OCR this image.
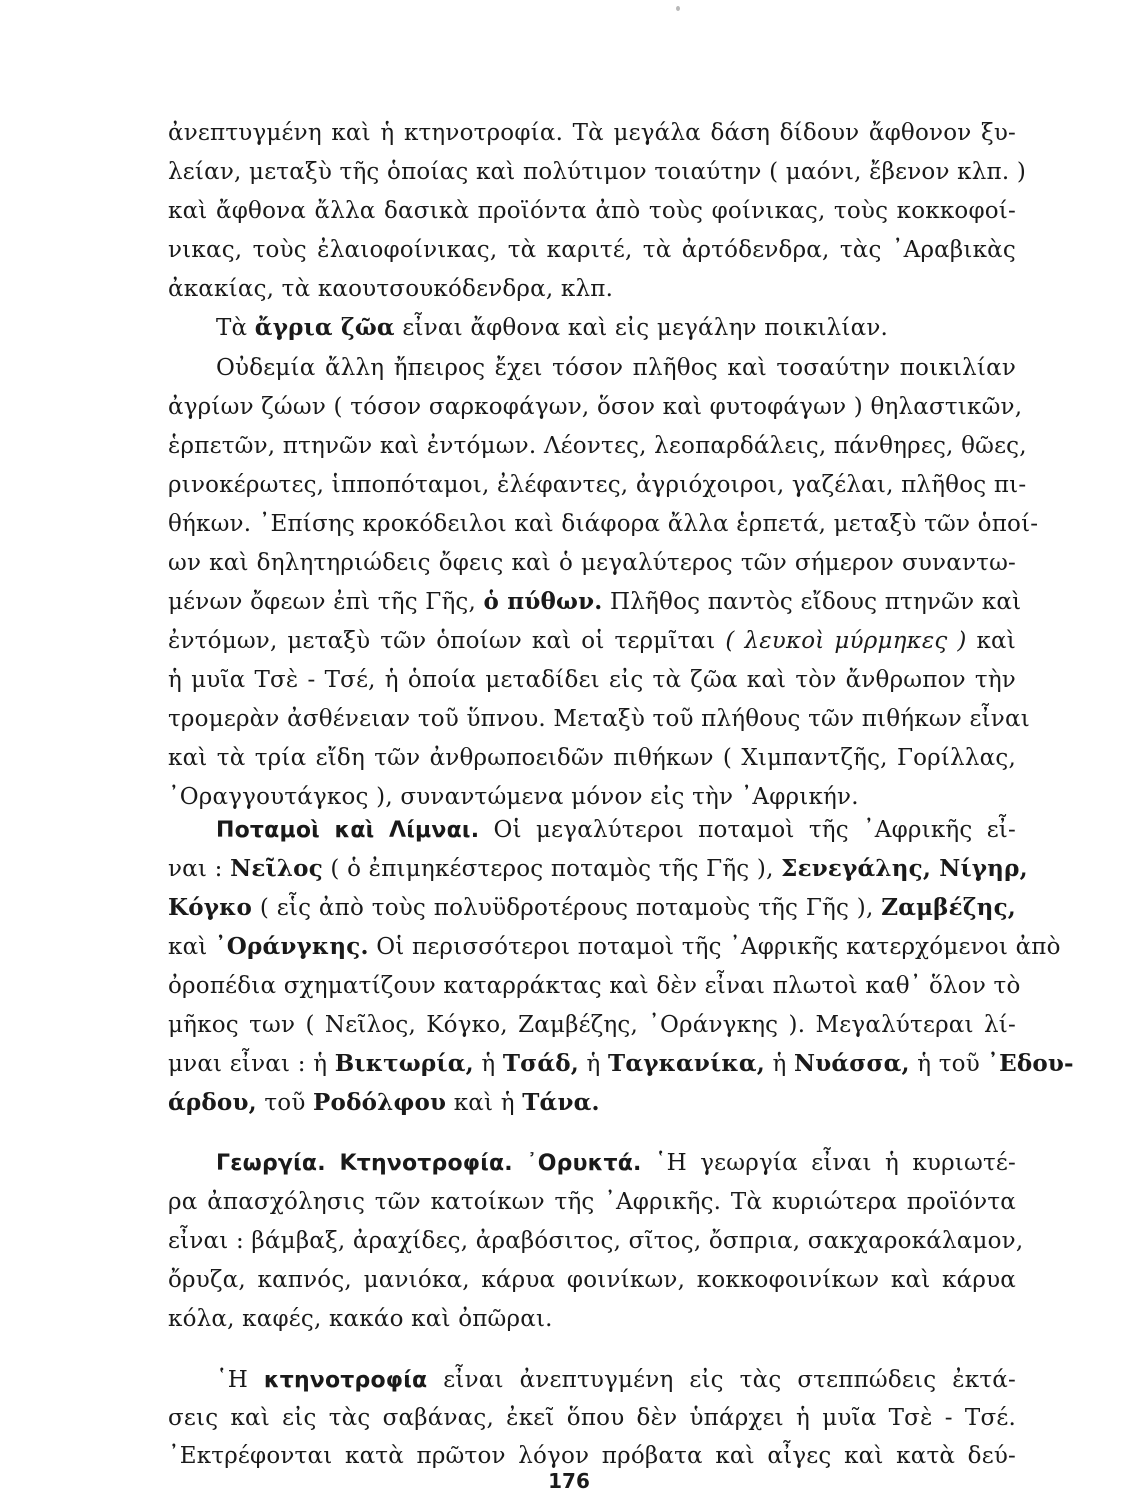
ἀνεπτυγμένη καὶ ἡ κτηνοτροφία. Τὰ μεγάλα δάση δίδουν ἄφθονον ξυ-
λείαν, μεταξὺ τῆς ὁποίας καὶ πολύτιμον τοιαύτην ( μαόνι, ἔβενον κλπ. )
καὶ ἄφθονα ἄλλα δασικὰ προϊόντα ἀπὸ τοὺς φοίνικας, τοὺς κοκκοφοί-
νικας, τοὺς ἐλαιοφοίνικας, τὰ καριτέ, τὰ ἀρτόδενδρα, τὰς ᾿Αραβικὰς
ἀκακίας, τὰ καουτσουκόδενδρα, κλπ.
Τὰ ἄγρια ζῶα εἶναι ἄφθονα καὶ εἰς μεγάλην ποικιλίαν.
Οὐδεμία ἄλλη ἤπειρος ἔχει τόσον πλῆθος καὶ τοσαύτην ποικιλίαν
ἀγρίων ζώων ( τόσον σαρκοφάγων, ὅσον καὶ φυτοφάγων ) θηλαστικῶν,
ἑρπετῶν, πτηνῶν καὶ ἐντόμων. Λέοντες, λεοπαρδάλεις, πάνθηρες, θῶες,
ρινοκέρωτες, ἱπποπόταμοι, ἐλέφαντες, ἀγριόχοιροι, γαζέλαι, πλῆθος πι-
θήκων. ᾿Επίσης κροκόδειλοι καὶ διάφορα ἄλλα ἑρπετά, μεταξὺ τῶν ὁποί-
ων καὶ δηλητηριώδεις ὄφεις καὶ ὁ μεγαλύτερος τῶν σήμερον συναντω-
μένων ὄφεων ἐπὶ τῆς Γῆς, ὁ πύθων. Πλῆθος παντὸς εἴδους πτηνῶν καὶ
ἐντόμων, μεταξὺ τῶν ὁποίων καὶ οἱ τερμῖται ( λευκοὶ μύρμηκες ) καὶ
ἡ μυῖα Τσὲ - Τσέ, ἡ ὁποία μεταδίδει εἰς τὰ ζῶα καὶ τὸν ἄνθρωπον τὴν
τρομερὰν ἀσθένειαν τοῦ ὕπνου. Μεταξὺ τοῦ πλήθους τῶν πιθήκων εἶναι
καὶ τὰ τρία εἴδη τῶν ἀνθρωποειδῶν πιθήκων ( Χιμπαντζῆς, Γορίλλας,
᾿Οραγγουτάγκος ), συναντώμενα μόνον εἰς τὴν ᾿Αφρικήν.
Ποταμοὶ καὶ Λίμναι. Οἱ μεγαλύτεροι ποταμοὶ τῆς ᾿Αφρικῆς εἶ-
ναι : Νεῖλος ( ὁ ἐπιμηκέστερος ποταμὸς τῆς Γῆς ), Σενεγάλης, Νίγηρ,
Κόγκο ( εἷς ἀπὸ τοὺς πολυϋδροτέρους ποταμοὺς τῆς Γῆς ), Ζαμβέζης,
καὶ ᾿Οράνγκης. Οἱ περισσότεροι ποταμοὶ τῆς ᾿Αφρικῆς κατερχόμενοι ἀπὸ
ὀροπέδια σχηματίζουν καταρράκτας καὶ δὲν εἶναι πλωτοὶ καθ᾿ ὅλον τὸ
μῆκος των ( Νεῖλος, Κόγκο, Ζαμβέζης, ᾿Οράνγκης ). Μεγαλύτεραι λί-
μναι εἶναι : ἡ Βικτωρία, ἡ Τσάδ, ἡ Ταγκανίκα, ἡ Νυάσσα, ἡ τοῦ ᾿Εδου-
άρδου, τοῦ Ροδόλφου καὶ ἡ Τάνα.
Γεωργία. Κτηνοτροφία. ᾿Ορυκτά. ῾Η γεωργία εἶναι ἡ κυριωτέ-
ρα ἀπασχόλησις τῶν κατοίκων τῆς ᾿Αφρικῆς. Τὰ κυριώτερα προϊόντα
εἶναι : βάμβαξ, ἀραχίδες, ἀραβόσιτος, σῖτος, ὄσπρια, σακχαροκάλαμον,
ὄρυζα, καπνός, μανιόκα, κάρυα φοινίκων, κοκκοφοινίκων καὶ κάρυα
κόλα, καφές, κακάο καὶ ὀπῶραι.
῾Η κτηνοτροφία εἶναι ἀνεπτυγμένη εἰς τὰς στεππώδεις ἐκτά-
σεις καὶ εἰς τὰς σαβάνας, ἐκεῖ ὅπου δὲν ὑπάρχει ἡ μυῖα Τσὲ - Τσέ.
᾿Εκτρέφονται κατὰ πρῶτον λόγον πρόβατα καὶ αἶγες καὶ κατὰ δεύ-
176
